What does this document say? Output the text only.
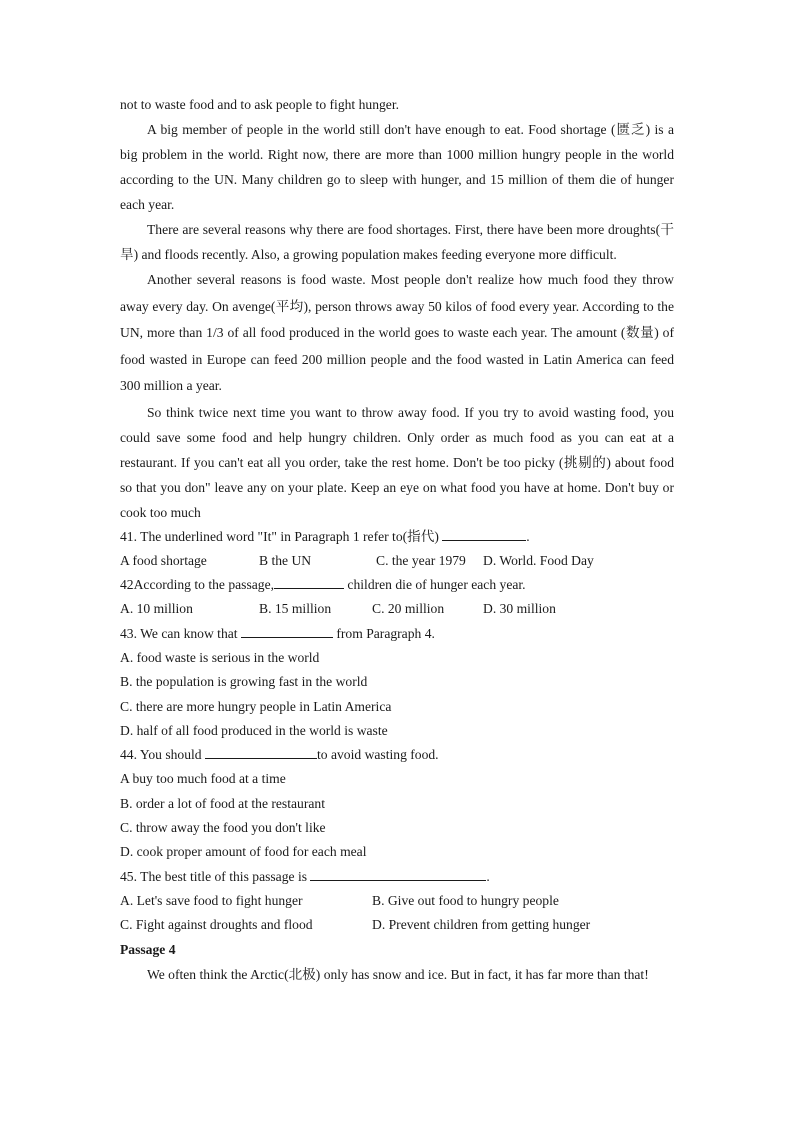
not to waste food and to ask people to fight hunger.

A big member of people in the world still don't have enough to eat. Food shortage (匮乏) is a big problem in the world. Right now, there are more than 1000 million hungry people in the world according to the UN. Many children go to sleep with hunger, and 15 million of them die of hunger each year.

There are several reasons why there are food shortages. First, there have been more droughts(干旱) and floods recently. Also, a growing population makes feeding everyone more difficult.

Another several reasons is food waste. Most people don't realize how much food they throw away every day. On avenge(平均), person throws away 50 kilos of food every year. According to the UN, more than 1/3 of all food produced in the world goes to waste each year. The amount (数量) of food wasted in Europe can feed 200 million people and the food wasted in Latin America can feed 300 million a year.

So think twice next time you want to throw away food. If you try to avoid wasting food, you could save some food and help hungry children. Only order as much food as you can eat at a restaurant. If you can't eat all you order, take the rest home. Don't be too picky (挑剔的) about food so that you don" leave any on your plate. Keep an eye on what food you have at home. Don't buy or cook too much

41. The underlined word "It" in Paragraph 1 refer to(指代)	.
A food shortage	B the UN	C. the year 1979	D. World. Food Day
42According to the passage,	children die of hunger each year.
A. 10 million	B. 15 million	C. 20 million	D. 30 million
43. We can know that	from Paragraph 4.
A. food waste is serious in the world
B. the population is growing fast in the world
C. there are more hungry people in Latin America
D. half of all food produced in the world is waste
44. You should	to avoid wasting food.
A buy too much food at a time
B. order a lot of food at the restaurant
C. throw away the food you don't like
D. cook proper amount of food for each meal
45. The best title of this passage is	.
A. Let's save food to fight hunger	B. Give out food to hungry people
C. Fight against droughts and flood	D. Prevent children from getting hunger
Passage 4

We often think the Arctic(北极) only has snow and ice. But in fact, it has far more than that!
